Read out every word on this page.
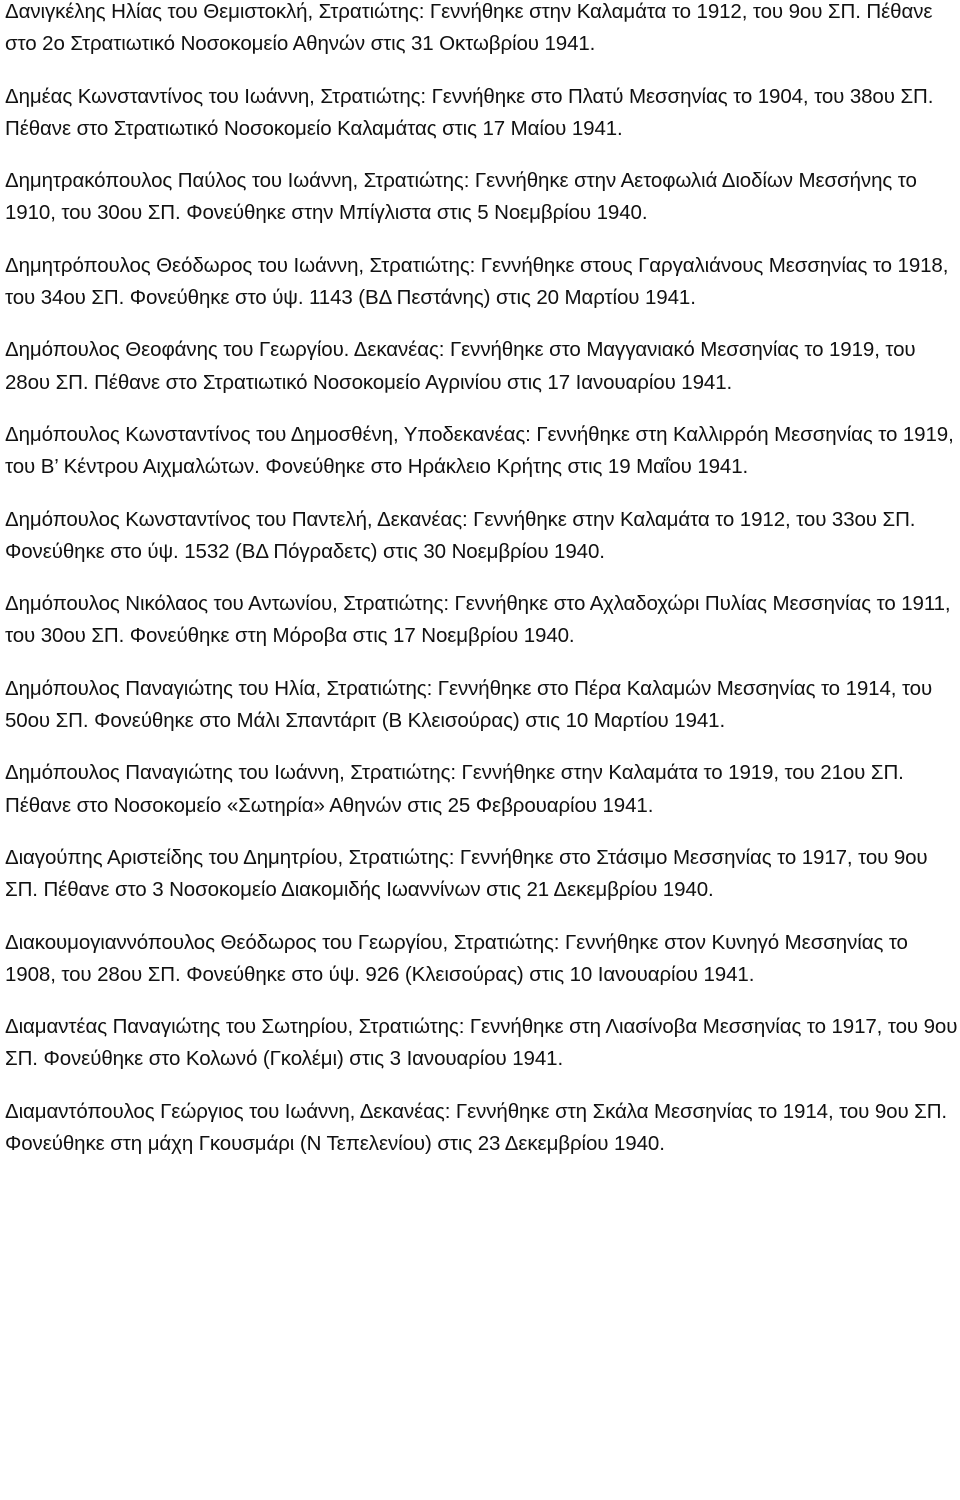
Δανιγκέλης Ηλίας του Θεμιστοκλή, Στρατιώτης: Γεννήθηκε στην Καλαμάτα το 1912, του 9ου ΣΠ. Πέθανε στο 2ο Στρατιωτικό Νοσοκομείο Αθηνών στις 31 Οκτωβρίου 1941.

Δημέας Κωνσταντίνος του Ιωάννη, Στρατιώτης: Γεννήθηκε στο Πλατύ Μεσσηνίας το 1904, του 38ου ΣΠ. Πέθανε στο Στρατιωτικό Νοσοκομείο Καλαμάτας στις 17 Μαίου 1941.

Δημητρακόπουλος Παύλος του Ιωάννη, Στρατιώτης: Γεννήθηκε στην Αετοφωλιά Διοδίων Μεσσήνης το 1910, του 30ου ΣΠ. Φονεύθηκε στην Μπίγλιστα στις 5 Νοεμβρίου 1940.

Δημητρόπουλος Θεόδωρος του Ιωάννη, Στρατιώτης: Γεννήθηκε στους Γαργαλιάνους Μεσσηνίας το 1918, του 34ου ΣΠ. Φονεύθηκε στο ύψ. 1143 (ΒΔ Πεστάνης) στις 20 Μαρτίου 1941.

Δημόπουλος Θεοφάνης του Γεωργίου. Δεκανέας: Γεννήθηκε στο Μαγγανιακό Μεσσηνίας το 1919, του 28ου ΣΠ. Πέθανε στο Στρατιωτικό Νοσοκομείο Αγρινίου στις 17 Ιανουαρίου 1941.

Δημόπουλος Κωνσταντίνος του Δημοσθένη, Υποδεκανέας: Γεννήθηκε στη Καλλιρρόη Μεσσηνίας το 1919, του Β’ Κέντρου Αιχμαλώτων. Φονεύθηκε στο Ηράκλειο Κρήτης στις 19 Μαΐου 1941.

Δημόπουλος Κωνσταντίνος του Παντελή, Δεκανέας: Γεννήθηκε στην Καλαμάτα το 1912, του 33ου ΣΠ. Φονεύθηκε στο ύψ. 1532 (ΒΔ Πόγραδετς) στις 30 Νοεμβρίου 1940.

Δημόπουλος Νικόλαος του Αντωνίου, Στρατιώτης: Γεννήθηκε στο Αχλαδοχώρι Πυλίας Μεσσηνίας το 1911, του 30ου ΣΠ. Φονεύθηκε στη Μόροβα στις 17 Νοεμβρίου 1940.

Δημόπουλος Παναγιώτης του Ηλία, Στρατιώτης: Γεννήθηκε στο Πέρα Καλαμών Μεσσηνίας το 1914, του 50ου ΣΠ. Φονεύθηκε στο Μάλι Σπαντάριτ (Β Κλεισούρας) στις 10 Μαρτίου 1941.

Δημόπουλος Παναγιώτης του Ιωάννη, Στρατιώτης: Γεννήθηκε στην Καλαμάτα το 1919, του 21ου ΣΠ. Πέθανε στο Νοσοκομείο «Σωτηρία» Αθηνών στις 25 Φεβρουαρίου 1941.

Διαγούπης Αριστείδης του Δημητρίου, Στρατιώτης: Γεννήθηκε στο Στάσιμο Μεσσηνίας το 1917, του 9ου ΣΠ. Πέθανε στο 3 Νοσοκομείο Διακομιδής Ιωαννίνων στις 21 Δεκεμβρίου 1940.

Διακουμογιαννόπουλος Θεόδωρος του Γεωργίου, Στρατιώτης: Γεννήθηκε στον Κυνηγό Μεσσηνίας το 1908, του 28ου ΣΠ. Φονεύθηκε στο ύψ. 926 (Κλεισούρας) στις 10 Ιανουαρίου 1941.

Διαμαντέας Παναγιώτης του Σωτηρίου, Στρατιώτης: Γεννήθηκε στη Λιασίνοβα Μεσσηνίας το 1917, του 9ου ΣΠ. Φονεύθηκε στο Κολωνό (Γκολέμι) στις 3 Ιανουαρίου 1941.

Διαμαντόπουλος Γεώργιος του Ιωάννη, Δεκανέας: Γεννήθηκε στη Σκάλα Μεσσηνίας το 1914, του 9ου ΣΠ. Φονεύθηκε στη μάχη Γκουσμάρι (Ν Τεπελενίου) στις 23 Δεκεμβρίου 1940.
